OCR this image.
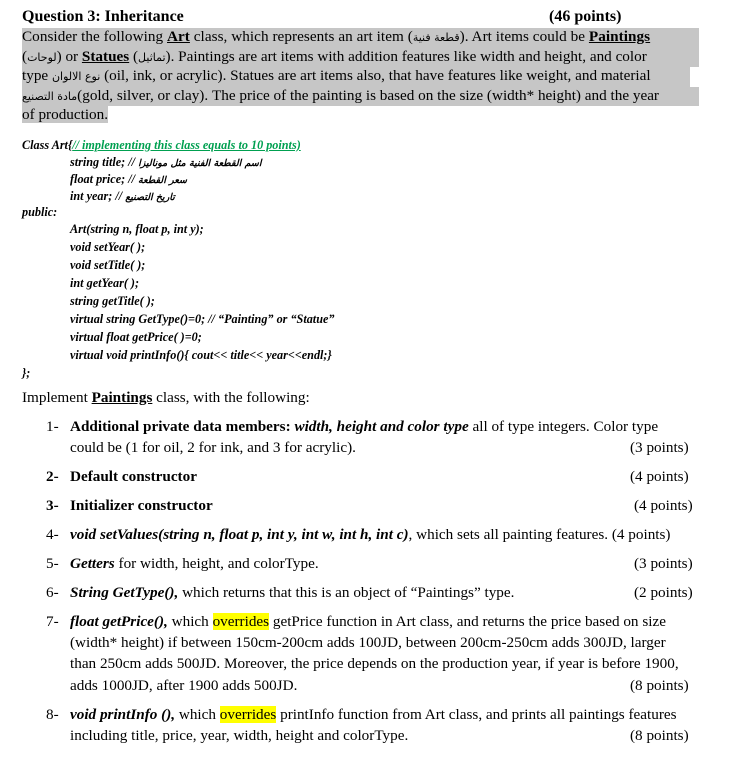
Question 3: Inheritance	(46 points)
Consider the following Art class, which represents an art item (قطعة فنية). Art items could be Paintings
(لوحات) or Statues (تماثيل). Paintings are art items with addition features like width and height, and color
type نوع الالوان (oil, ink, or acrylic). Statues are art items also, that have features like weight, and material
مادة التصنيع(gold, silver, or clay). The price of the painting is based on the size (width* height) and the year
of production.
Class Art{// implementing this class equals to 10 points)
string title; // اسم القطعة الفنية مثل موناليزا
float price; // سعر القطعة
int year; // تاريخ التصنيع
public:
Art(string n, float p, int y);
void setYear( );
void setTitle( );
int getYear( );
string getTitle( );
virtual string GetType()=0; // “Painting” or “Statue”
virtual float getPrice( )=0;
virtual void printInfo(){ cout<< title<< year<<endl;}
};
Implement Paintings class, with the following:
1- Additional private data members: width, height and color type all of type integers. Color type
could be (1 for oil, 2 for ink, and 3 for acrylic).	(3 points)
2- Default constructor	(4 points)
3- Initializer constructor	(4 points)
4- void setValues(string n, float p, int y, int w, int h, int c), which sets all painting features. (4 points)
5- Getters for width, height, and colorType.	(3 points)
6- String GetType(), which returns that this is an object of “Paintings” type.	(2 points)
7- float getPrice(), which overrides getPrice function in Art class, and returns the price based on size
(width* height) if between 150cm-200cm adds 100JD, between 200cm-250cm adds 300JD, larger
than 250cm adds 500JD. Moreover, the price depends on the production year, if year is before 1900,
adds 1000JD, after 1900 adds 500JD.	(8 points)
8- void printInfo (), which overrides printInfo function from Art class, and prints all paintings features
including title, price, year, width, height and colorType.	(8 points)
